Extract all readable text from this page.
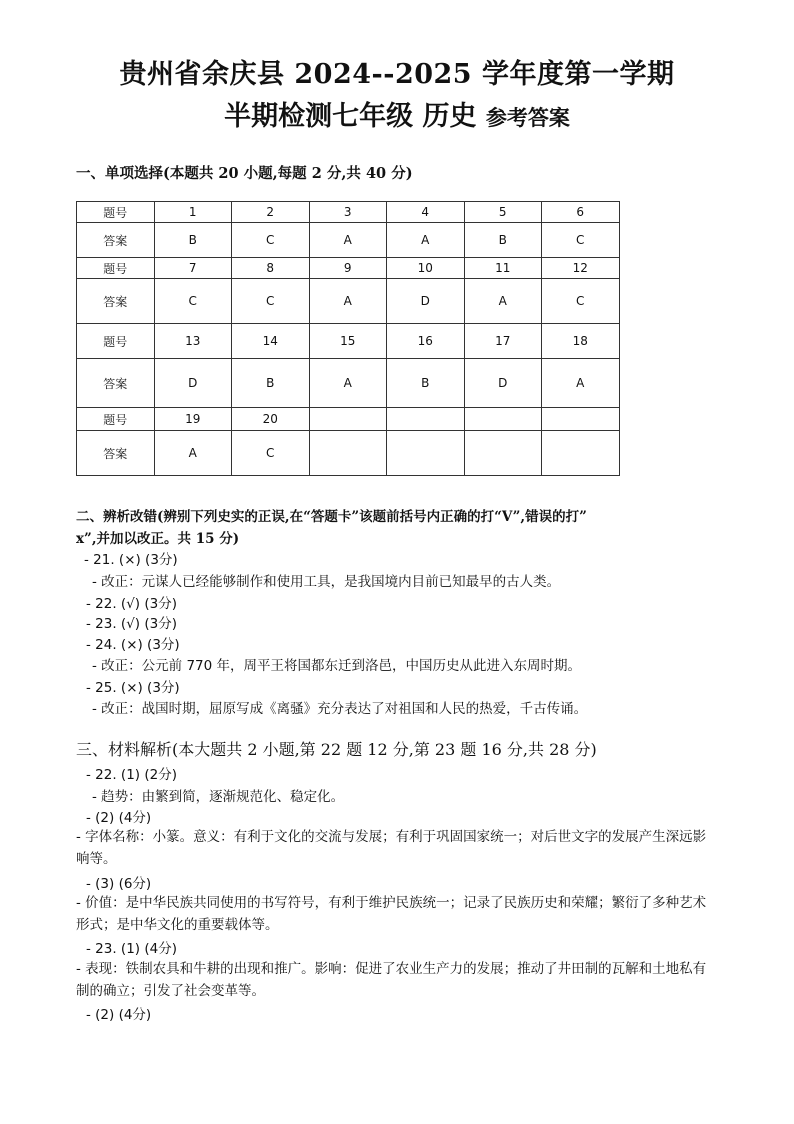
贵州省余庆县 2024--2025 学年度第一学期
半期检测七年级 历史 参考答案
一、单项选择(本题共 20 小题,每题 2 分,共 40 分)
题号	1	2	3	4	5	6
答案	B	C	A	A	B	C
题号	7	8	9	10	11	12
答案	C	C	A	D	A	C
题号	13	14	15	16	17	18
答案	D	B	A	B	D	A
题号	19	20				
答案	A	C				
二、辨析改错(辨别下列史实的正误,在“答题卡”该题前括号内正确的打“V”,错误的打”
x”,并加以改正。共 15 分)
- 21. (×) (3分)
- 改正：元谋人已经能够制作和使用工具，是我国境内目前已知最早的古人类。
- 22. (√) (3分)
- 23. (√) (3分)
- 24. (×) (3分)
- 改正：公元前 770 年，周平王将国都东迁到洛邑，中国历史从此进入东周时期。
- 25. (×) (3分)
- 改正：战国时期，屈原写成《离骚》充分表达了对祖国和人民的热爱，千古传诵。
三、材料解析(本大题共 2 小题,第 22 题 12 分,第 23 题 16 分,共 28 分)
- 22. (1) (2分)
- 趋势：由繁到简，逐渐规范化、稳定化。
- (2) (4分)
- 字体名称：小篆。意义：有利于文化的交流与发展；有利于巩固国家统一；对后世文字的发展产生深远影响等。
- (3) (6分)
- 价值：是中华民族共同使用的书写符号，有利于维护民族统一；记录了民族历史和荣耀；繁衍了多种艺术形式；是中华文化的重要载体等。
- 23. (1) (4分)
- 表现：铁制农具和牛耕的出现和推广。影响：促进了农业生产力的发展；推动了井田制的瓦解和土地私有制的确立；引发了社会变革等。
- (2) (4分)
